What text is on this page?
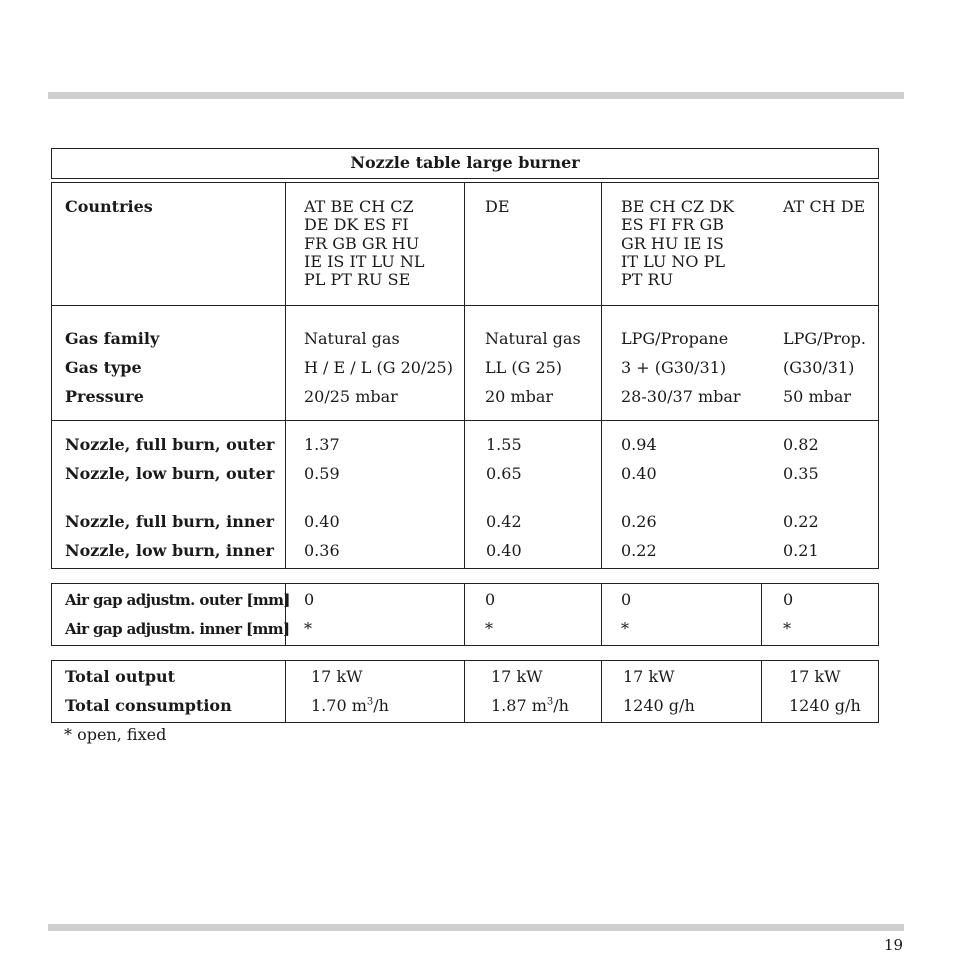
Nozzle table large burner
Countries	AT BE CH CZ
DE DK ES FI
FR GB GR HU
IE IS IT LU NL
PL PT RU SE
DE	BE CH CZ DK
ES FI FR GB
GR HU IE IS
IT LU NO PL
PT RU
AT CH DE
Gas family
Gas type
Pressure
Natural gas
H / E / L (G 20/25)
20/25 mbar
Natural gas
LL (G 25)
20 mbar
LPG/Propane
3 + (G30/31)
28-30/37 mbar
LPG/Prop.
(G30/31)
50 mbar
Nozzle, full burn, outer
Nozzle, low burn, outer
Nozzle, full burn, inner
Nozzle, low burn, inner
1.37
0.59
0.40
0.36
1.55
0.65
0.42
0.40
0.94
0.40
0.26
0.22
0.82
0.35
0.22
0.21
Air gap adjustm. outer [mm]
Air gap adjustm. inner [mm]
0
*
0
*
0
*
0
*
Total output
Total consumption
17 kW
1.70 $m^3/h$
17 kW
1.87 $m^3/h$
17 kW
1240 g/h
17 kW
1240 g/h
* open, fixed
19
